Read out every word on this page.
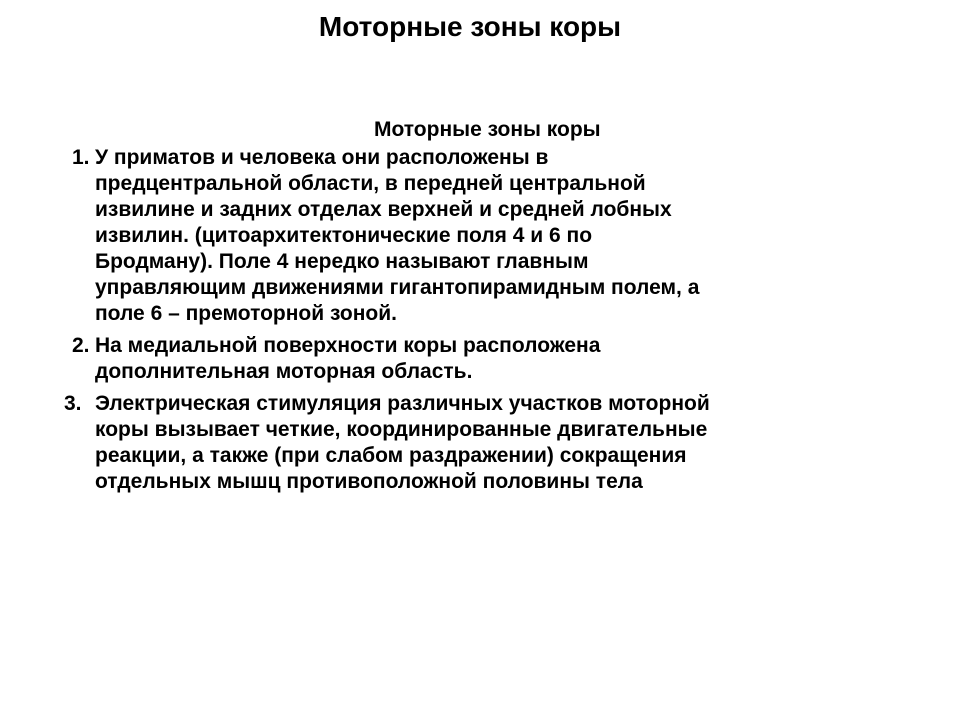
Моторные зоны коры

Моторные зоны коры

1. У приматов и человека они расположены в
предцентральной области, в передней центральной
извилине и задних отделах верхней и средней лобных
извилин. (цитоархитектонические поля 4 и 6 по
Бродману). Поле 4 нередко называют главным
управляющим движениями гигантопирамидным полем, а
поле 6 – премоторной зоной.
2. На медиальной поверхности коры расположена
дополнительная моторная область.
3. Электрическая стимуляция различных участков моторной
коры вызывает четкие, координированные двигательные
реакции, а также (при слабом раздражении) сокращения
отдельных мышц противоположной половины тела
